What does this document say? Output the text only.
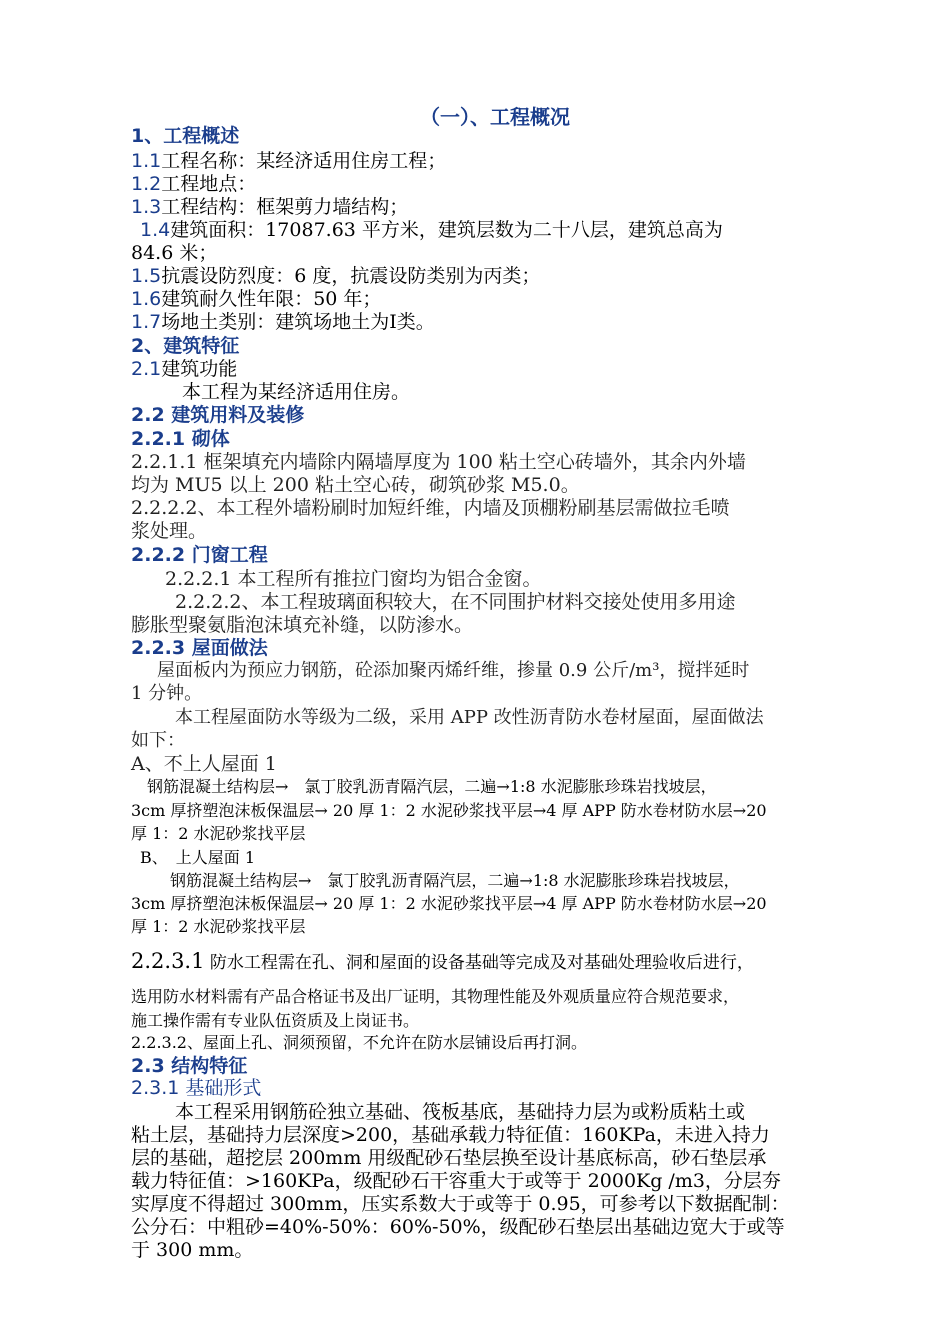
（一）、工程概况
1、工程概述
1.1工程名称：某经济适用住房工程；
1.2工程地点：
1.3工程结构：框架剪力墙结构；
1.4建筑面积：17087.63 平方米，建筑层数为二十八层，建筑总高为
84.6 米；
1.5抗震设防烈度：6 度，抗震设防类别为丙类；
1.6建筑耐久性年限：50 年；
1.7场地土类别：建筑场地土为Ⅰ类。
2、建筑特征
2.1建筑功能
本工程为某经济适用住房。
2.2 建筑用料及装修
2.2.1 砌体
2.2.1.1 框架填充内墙除内隔墙厚度为 100 粘土空心砖墙外，其余内外墙
均为 MU5 以上 200 粘土空心砖，砌筑砂浆 M5.0。
2.2.2.2、本工程外墙粉刷时加短纤维，内墙及顶棚粉刷基层需做拉毛喷
浆处理。
2.2.2 门窗工程
2.2.2.1 本工程所有推拉门窗均为铝合金窗。
2.2.2.2、本工程玻璃面积较大，在不同围护材料交接处使用多用途
膨胀型聚氨脂泡沫填充补缝，以防渗水。
2.2.3 屋面做法
屋面板内为预应力钢筋，砼添加聚丙烯纤维，掺量 0.9 公斤/m³，搅拌延时
1 分钟。
本工程屋面防水等级为二级，采用 APP 改性沥青防水卷材屋面，屋面做法
如下：
A、不上人屋面 1
钢筋混凝土结构层→　氯丁胶乳沥青隔汽层，二遍→1:8 水泥膨胀珍珠岩找坡层，
3cm 厚挤塑泡沫板保温层→ 20 厚 1：2 水泥砂浆找平层→4 厚 APP 防水卷材防水层→20
厚 1：2 水泥砂浆找平层
B、　上人屋面 1
钢筋混凝土结构层→　氯丁胶乳沥青隔汽层，二遍→1:8 水泥膨胀珍珠岩找坡层，
3cm 厚挤塑泡沫板保温层→ 20 厚 1：2 水泥砂浆找平层→4 厚 APP 防水卷材防水层→20
厚 1：2 水泥砂浆找平层
2.2.3.1 防水工程需在孔、洞和屋面的设备基础等完成及对基础处理验收后进行，
选用防水材料需有产品合格证书及出厂证明，其物理性能及外观质量应符合规范要求，
施工操作需有专业队伍资质及上岗证书。
2.2.3.2、屋面上孔、洞须预留，不允许在防水层铺设后再打洞。
2.3 结构特征
2.3.1 基础形式
本工程采用钢筋砼独立基础、筏板基底，基础持力层为或粉质粘土或
粘土层，基础持力层深度>200，基础承载力特征值：160KPa，未进入持力
层的基础，超挖层 200mm 用级配砂石垫层换至设计基底标高，砂石垫层承
载力特征值：>160KPa，级配砂石干容重大于或等于 2000Kg /m3，分层夯
实厚度不得超过 300mm，压实系数大于或等于 0.95，可参考以下数据配制：
公分石：中粗砂=40%-50%：60%-50%，级配砂石垫层出基础边宽大于或等
于 300 mm。
